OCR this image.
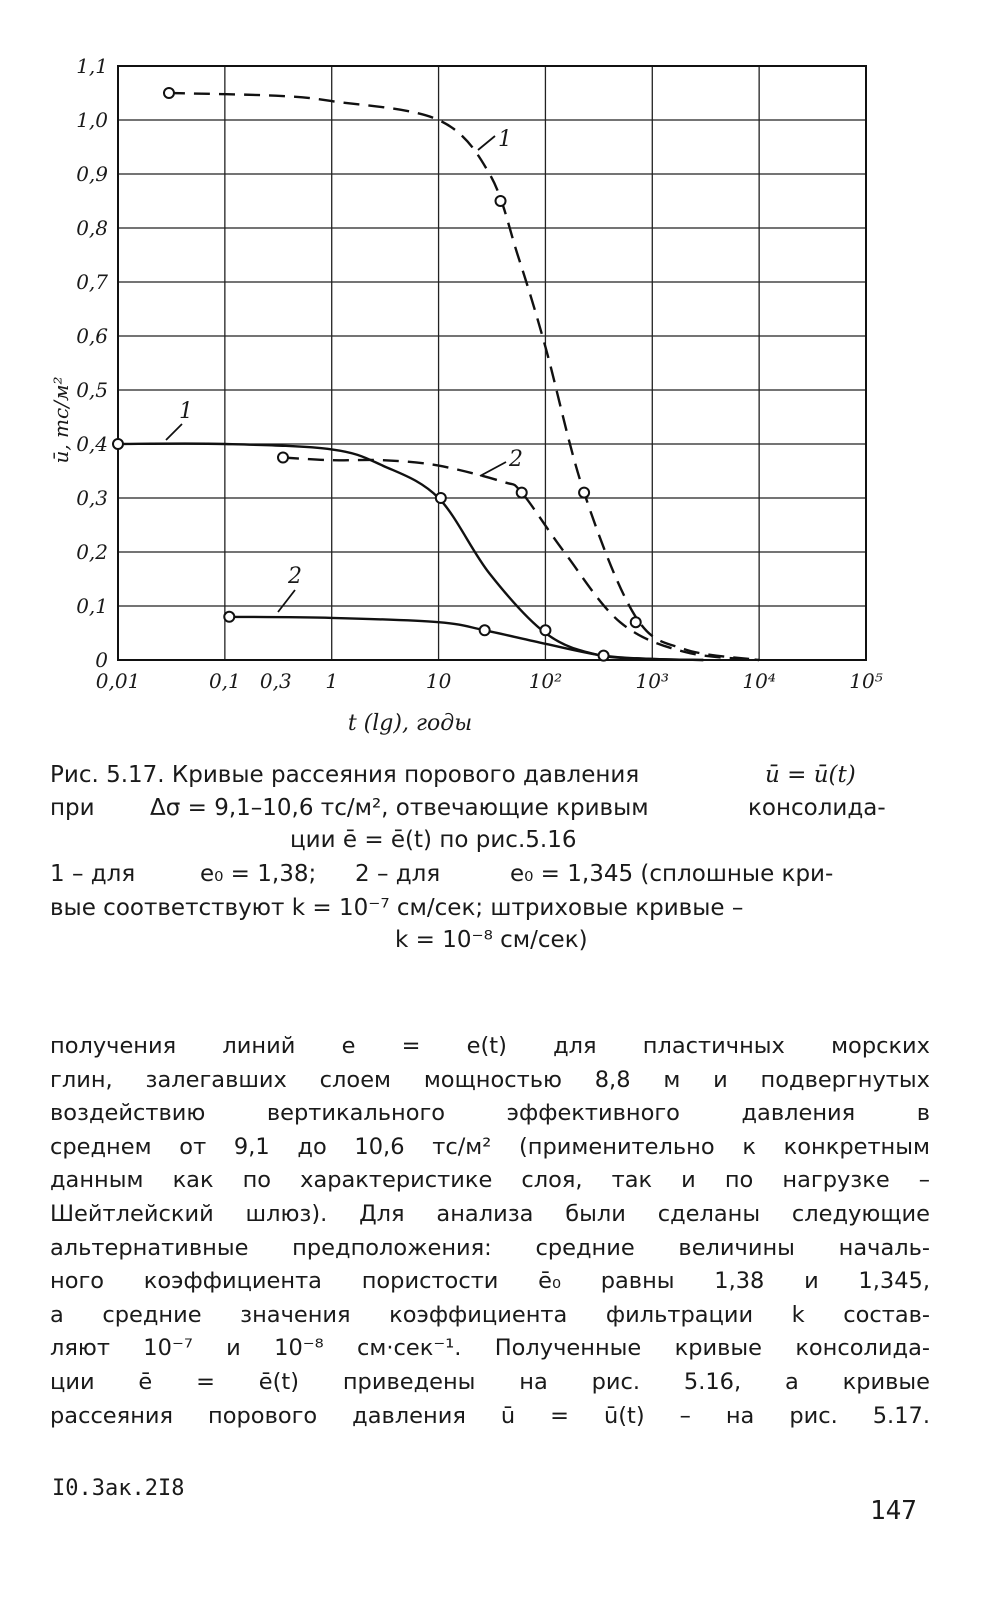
0
0,1
0,2
0,3
0,4
0,5
0,6
0,7
0,8
0,9
1,0
1,1
0,01	0,1 0,3 1	10	10²	10³	10⁴	10⁵
1
2
1
2
ū, тс/м²
t (lg), годы
Рис. 5.17. Кривые рассеяния порового давления	ū = ū(t)
при Δσ = 9,1–10,6 тс/м², отвечающие кривым	консолида-
ции ē = ē(t) по рис.5.16
1 – для	e₀ = 1,38; 2 – для	e₀ = 1,345 (сплошные кри-
вые соответствуют k = 10⁻⁷ см/сек; штриховые кривые –
k = 10⁻⁸ см/сек)
получения линий e = e(t) для пластичных морских
глин, залегавших слоем мощностью 8,8 м и подвергнутых
воздействию вертикального эффективного давления в
среднем от 9,1 до 10,6 тс/м² (применительно к конкретным
данным как по характеристике слоя, так и по нагрузке –
Шейтлейский шлюз). Для анализа были сделаны следующие
альтернативные предположения: средние величины началь-
ного коэффициента пористости ē₀ равны 1,38 и 1,345,
а средние значения коэффициента фильтрации k состав-
ляют 10⁻⁷ и 10⁻⁸ см·сек⁻¹. Полученные кривые консолида-
ции ē = ē(t) приведены на рис. 5.16, а кривые
рассеяния порового давления ū = ū(t) – на рис. 5.17.
I0.Зак.2I8
147
